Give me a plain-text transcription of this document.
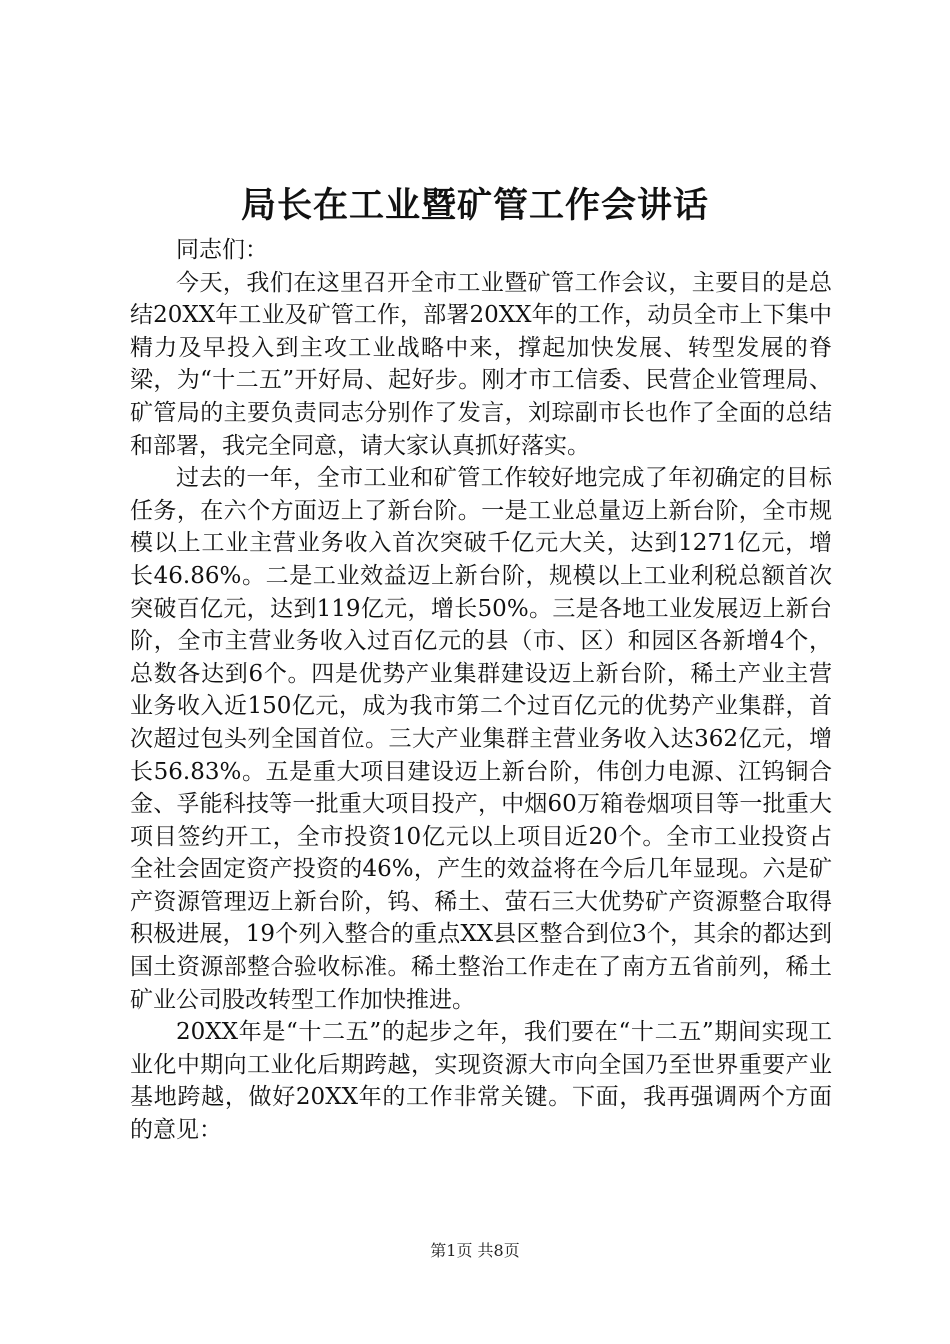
局长在工业暨矿管工作会讲话

同志们：

今天，我们在这里召开全市工业暨矿管工作会议，主要目的是总结20XX年工业及矿管工作，部署20XX年的工作，动员全市上下集中精力及早投入到主攻工业战略中来，撑起加快发展、转型发展的脊梁，为“十二五”开好局、起好步。刚才市工信委、民营企业管理局、矿管局的主要负责同志分别作了发言，刘琮副市长也作了全面的总结和部署，我完全同意，请大家认真抓好落实。

过去的一年，全市工业和矿管工作较好地完成了年初确定的目标任务，在六个方面迈上了新台阶。一是工业总量迈上新台阶，全市规模以上工业主营业务收入首次突破千亿元大关，达到1271亿元，增长46.86%。二是工业效益迈上新台阶，规模以上工业利税总额首次突破百亿元，达到119亿元，增长50%。三是各地工业发展迈上新台阶，全市主营业务收入过百亿元的县（市、区）和园区各新增4个，总数各达到6个。四是优势产业集群建设迈上新台阶，稀土产业主营业务收入近150亿元，成为我市第二个过百亿元的优势产业集群，首次超过包头列全国首位。三大产业集群主营业务收入达362亿元，增长56.83%。五是重大项目建设迈上新台阶，伟创力电源、江钨铜合金、孚能科技等一批重大项目投产，中烟60万箱卷烟项目等一批重大项目签约开工，全市投资10亿元以上项目近20个。全市工业投资占全社会固定资产投资的46%，产生的效益将在今后几年显现。六是矿产资源管理迈上新台阶，钨、稀土、萤石三大优势矿产资源整合取得积极进展，19个列入整合的重点XX县区整合到位3个，其余的都达到国土资源部整合验收标准。稀土整治工作走在了南方五省前列，稀土矿业公司股改转型工作加快推进。

20XX年是“十二五”的起步之年，我们要在“十二五”期间实现工业化中期向工业化后期跨越，实现资源大市向全国乃至世界重要产业基地跨越，做好20XX年的工作非常关键。下面，我再强调两个方面的意见：

第1页 共8页
